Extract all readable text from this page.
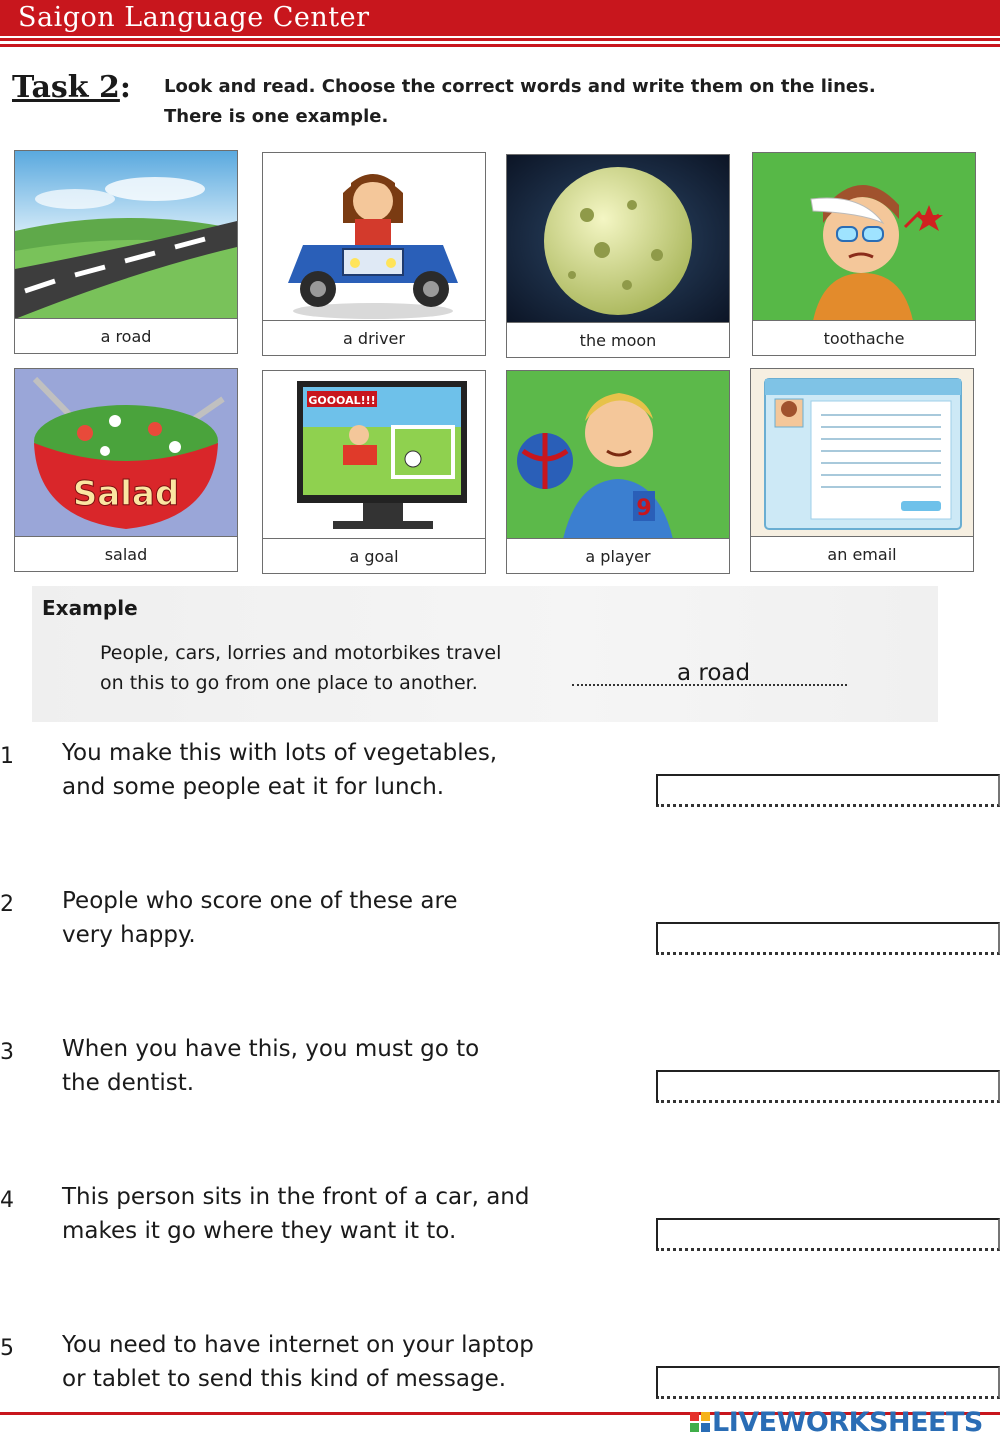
Saigon Language Center
Task 2: Look and read. Choose the correct words and write them on the lines.
There is one example.
a road	a driver	the moon	toothache
Salad
salad
GOOOAL!!!
a goal
9
a player	an email
Example
People, cars, lorries and motorbikes travel
on this to go from one place to another.	a road
1 You make this with lots of vegetables,
and some people eat it for lunch.
2 People who score one of these are
very happy.
3 When you have this, you must go to
the dentist.
4 This person sits in the front of a car, and
makes it go where they want it to.
5 You need to have internet on your laptop
or tablet to send this kind of message.
LIVEWORKSHEETS
